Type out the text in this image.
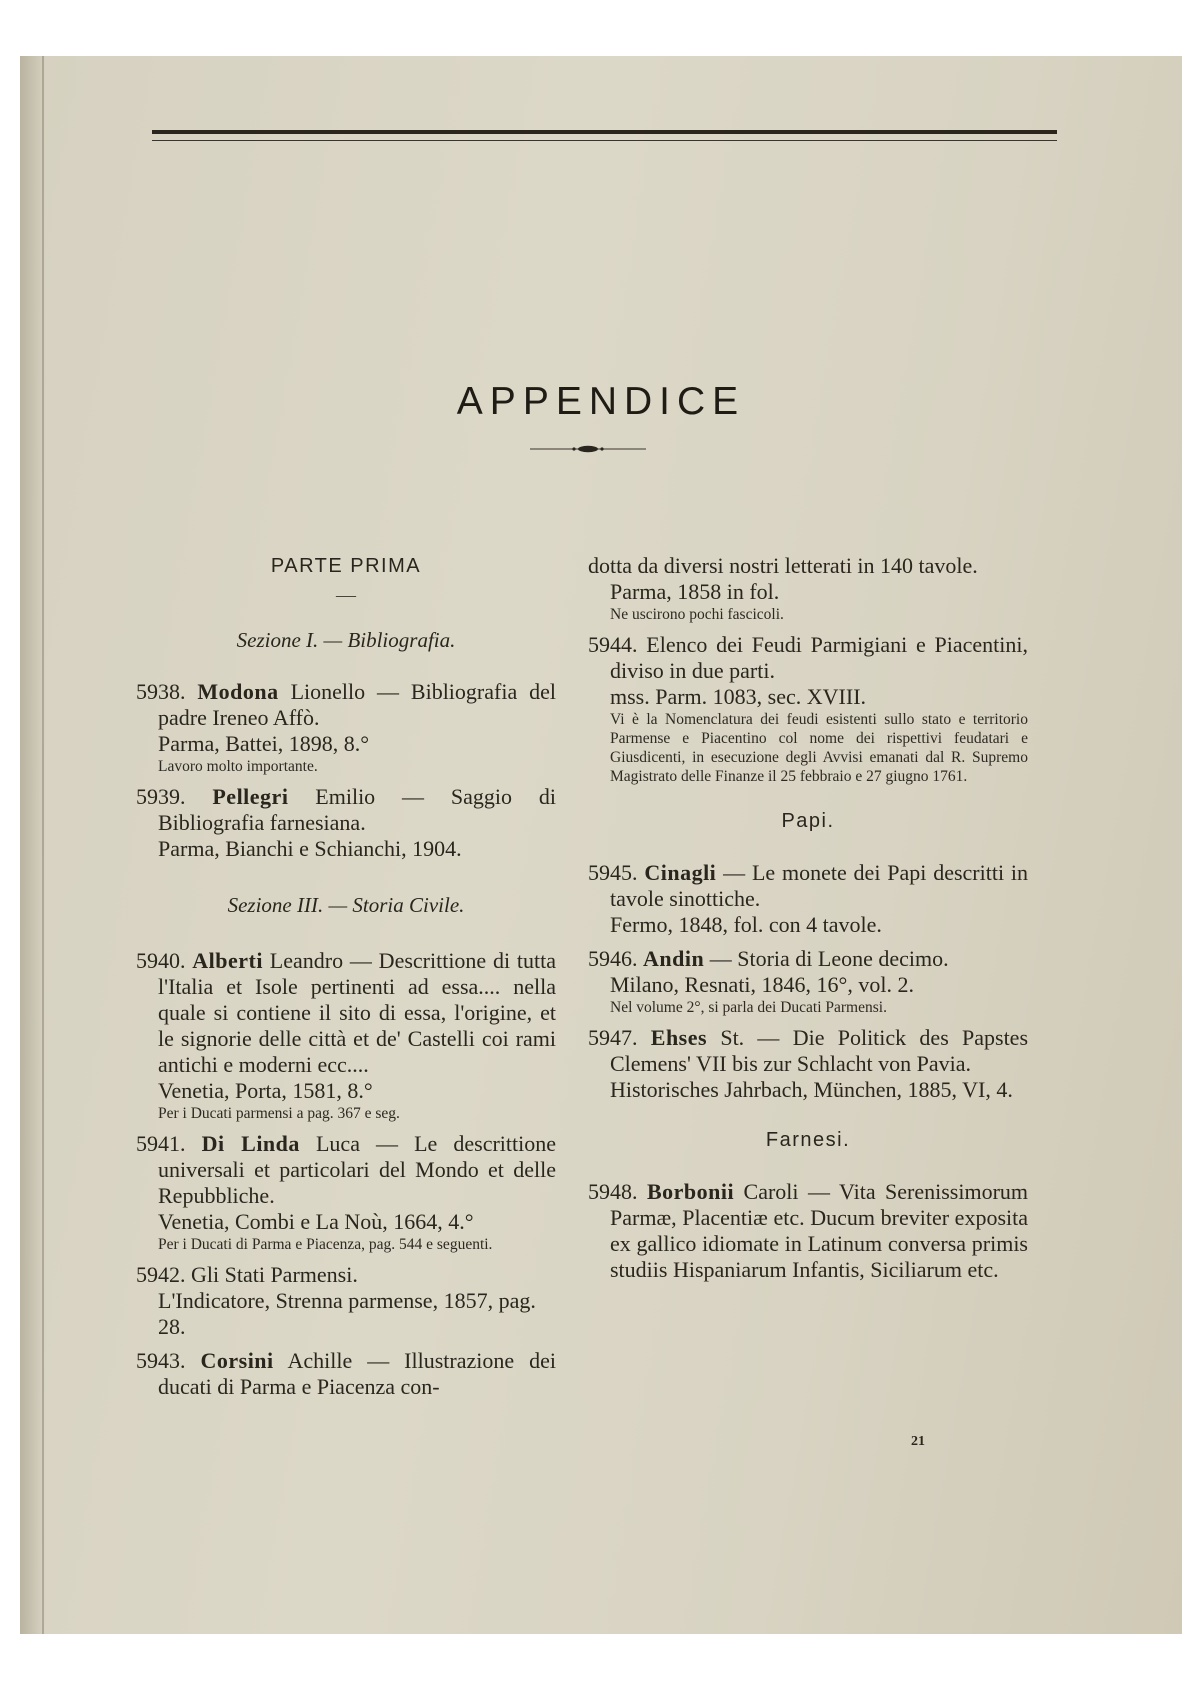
APPENDICE
PARTE PRIMA
—
Sezione I. — Bibliografia.
5938. Modona Lionello — Bibliografia del padre Ireneo Affò.
Parma, Battei, 1898, 8.°
Lavoro molto importante.
5939. Pellegri Emilio — Saggio di Bibliografia farnesiana.
Parma, Bianchi e Schianchi, 1904.
Sezione III. — Storia Civile.
5940. Alberti Leandro — Descrittione di tutta l'Italia et Isole pertinenti ad essa.... nella quale si contiene il sito di essa, l'origine, et le signorie delle città et de' Castelli coi rami antichi e moderni ecc....
Venetia, Porta, 1581, 8.°
Per i Ducati parmensi a pag. 367 e seg.
5941. Di Linda Luca — Le descrittione universali et particolari del Mondo et delle Repubbliche.
Venetia, Combi e La Noù, 1664, 4.°
Per i Ducati di Parma e Piacenza, pag. 544 e seguenti.
5942. Gli Stati Parmensi.
L'Indicatore, Strenna parmense, 1857, pag. 28.
5943. Corsini Achille — Illustrazione dei ducati di Parma e Piacenza con-
dotta da diversi nostri letterati in 140 tavole.
Parma, 1858 in fol.
Ne uscirono pochi fascicoli.
5944. Elenco dei Feudi Parmigiani e Piacentini, diviso in due parti.
mss. Parm. 1083, sec. XVIII.
Vi è la Nomenclatura dei feudi esistenti sullo stato e territorio Parmense e Piacentino col nome dei rispettivi feudatari e Giusdicenti, in esecuzione degli Avvisi emanati dal R. Supremo Magistrato delle Finanze il 25 febbraio e 27 giugno 1761.
Papi.
5945. Cinagli — Le monete dei Papi descritti in tavole sinottiche.
Fermo, 1848, fol. con 4 tavole.
5946. Andin — Storia di Leone decimo.
Milano, Resnati, 1846, 16°, vol. 2.
Nel volume 2°, si parla dei Ducati Parmensi.
5947. Ehses St. — Die Politick des Papstes Clemens' VII bis zur Schlacht von Pavia.
Historisches Jahrbach, München, 1885, VI, 4.
Farnesi.
5948. Borbonii Caroli — Vita Serenissimorum Parmæ, Placentiæ etc. Ducum breviter exposita ex gallico idiomate in Latinum conversa primis studiis Hispaniarum Infantis, Siciliarum etc.
21
